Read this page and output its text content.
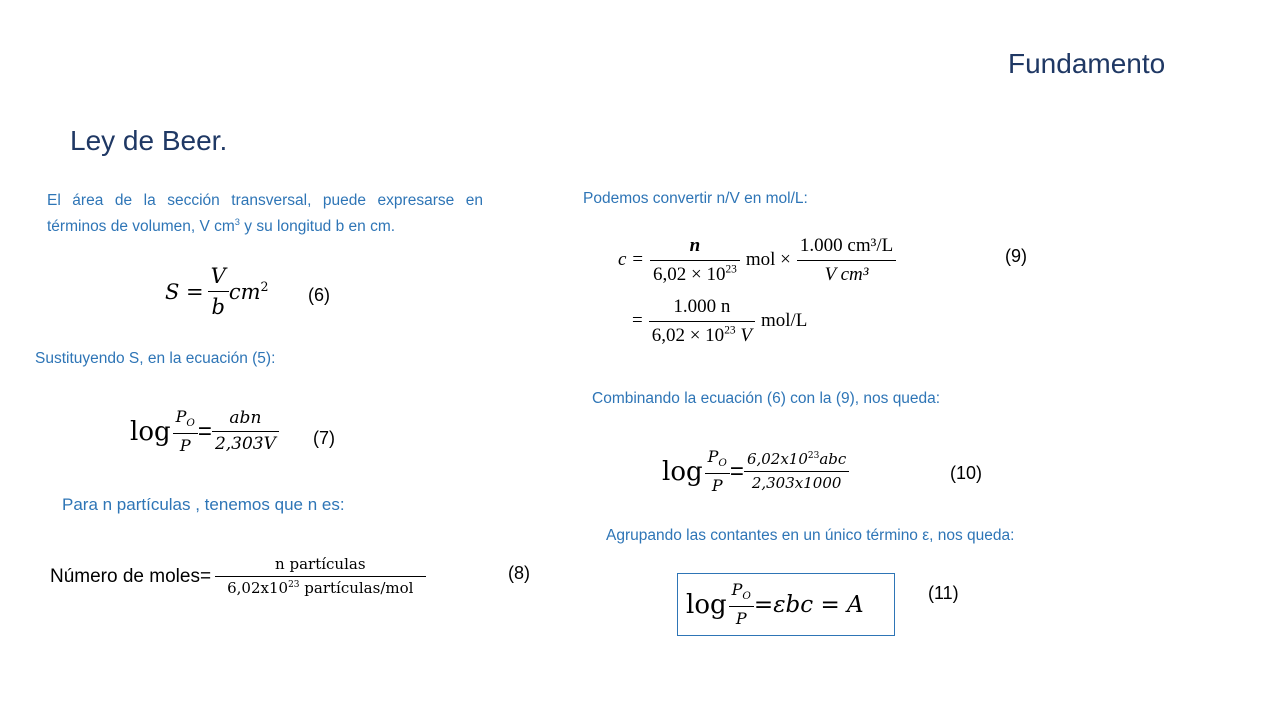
Fundamento
Ley de Beer.
El área de la sección transversal, puede expresarse en
términos de volumen, V $cm^3$ y su longitud b en cm.
$S = \frac{V}{b} cm^2$ (6)
Sustituyendo S, en la ecuación (5):
$\log \frac{P_O}{P} = \frac{\text{abn}}{2,303V} (7)$
Para n partículas , tenemos que n es:
Número de moles= $\frac{\text{n partículas}}{6,02x10^{23} partículas/mol}$	(8)
Podemos convertir n/V en mol/L:
$c = \frac{n}{6,02 \times 10^{23}}$ mol × $\frac{\text{1.000 cm³/L}}{\text{V cm³}}$
= $\frac{1.000 n}{6,02 \times 10^{23} V} mol/L$
(9)
Combinando la ecuación (6) con la (9), nos queda:
$\log \frac{P_O}{P} = \frac{6,02x10^{23}abc}{2,303x1000}$	(10)
Agrupando las contantes en un único término ε, nos queda:
$\log \frac{P_O}{P} =\varepsilon bc = A$	(11)
